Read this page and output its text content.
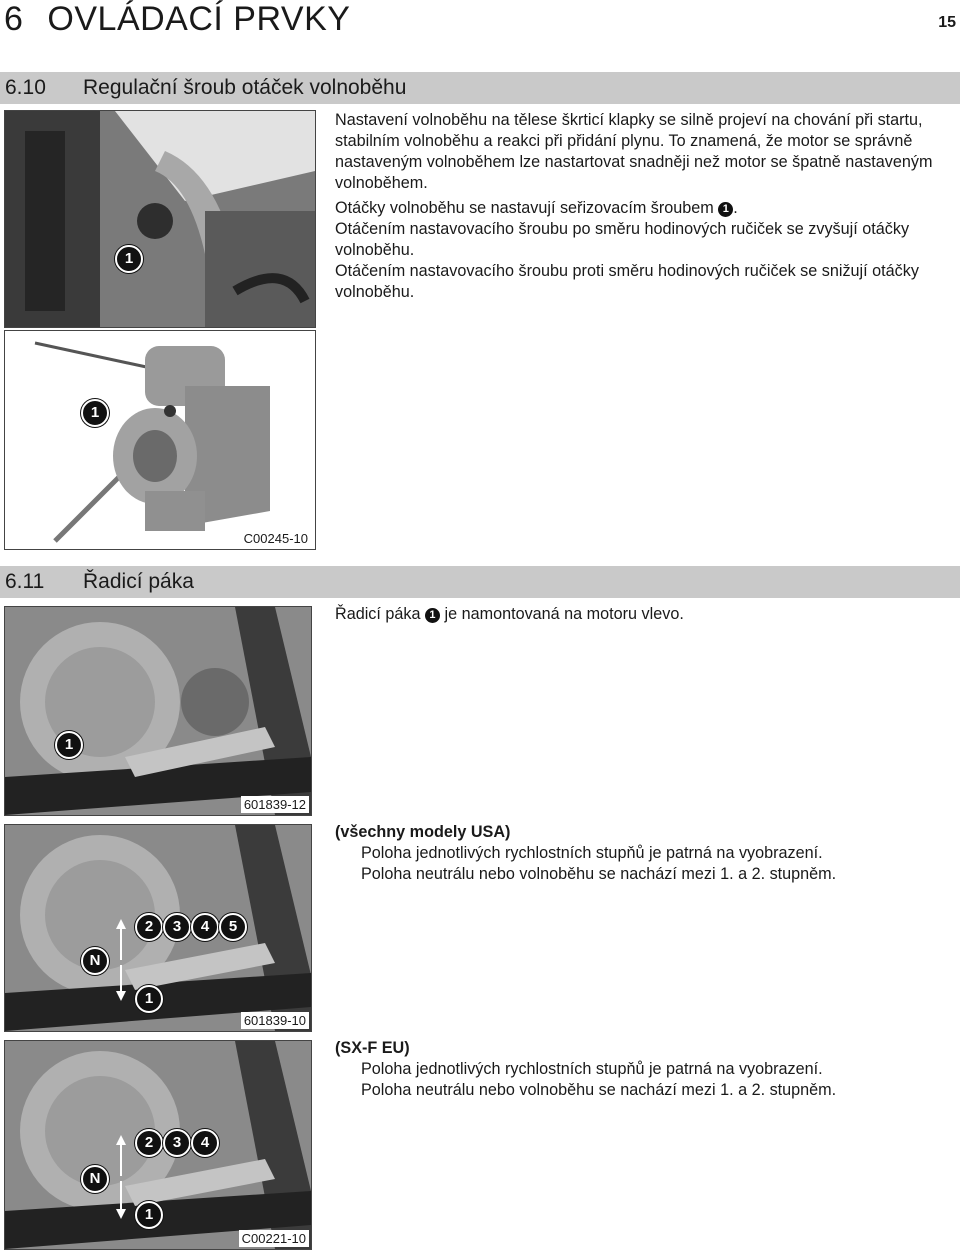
6 OVLÁDACÍ PRVKY	15
6.10	Regulační šroub otáček volnoběhu
1

Nastavení volnoběhu na tělese škrticí klapky se silně projeví na chování při startu, stabilním volnoběhu a reakci při přidání plynu. To znamená, že motor se správně nastaveným volnoběhem lze nastartovat snadněji než motor se špatně nastaveným volnoběhem.

Otáčky volnoběhu se nastavují seřizovacím šroubem 1 .

Otáčením nastavovacího šroubu po směru hodinových ručiček se zvyšují otáčky volnoběhu.

Otáčením nastavovacího šroubu proti směru hodinových ručiček se snižují otáčky volnoběhu.

1
C00245-10
6.11	Řadicí páka
1
601839-12

Řadicí páka 1 je namontovaná na motoru vlevo.

2	3	4	5
N
1
601839-10

(všechny modely USA)

Poloha jednotlivých rychlostních stupňů je patrná na vyobrazení.

Poloha neutrálu nebo volnoběhu se nachází mezi 1. a 2. stupněm.

2	3	4
N
1
C00221-10

(SX-F EU)

Poloha jednotlivých rychlostních stupňů je patrná na vyobrazení.

Poloha neutrálu nebo volnoběhu se nachází mezi 1. a 2. stupněm.
